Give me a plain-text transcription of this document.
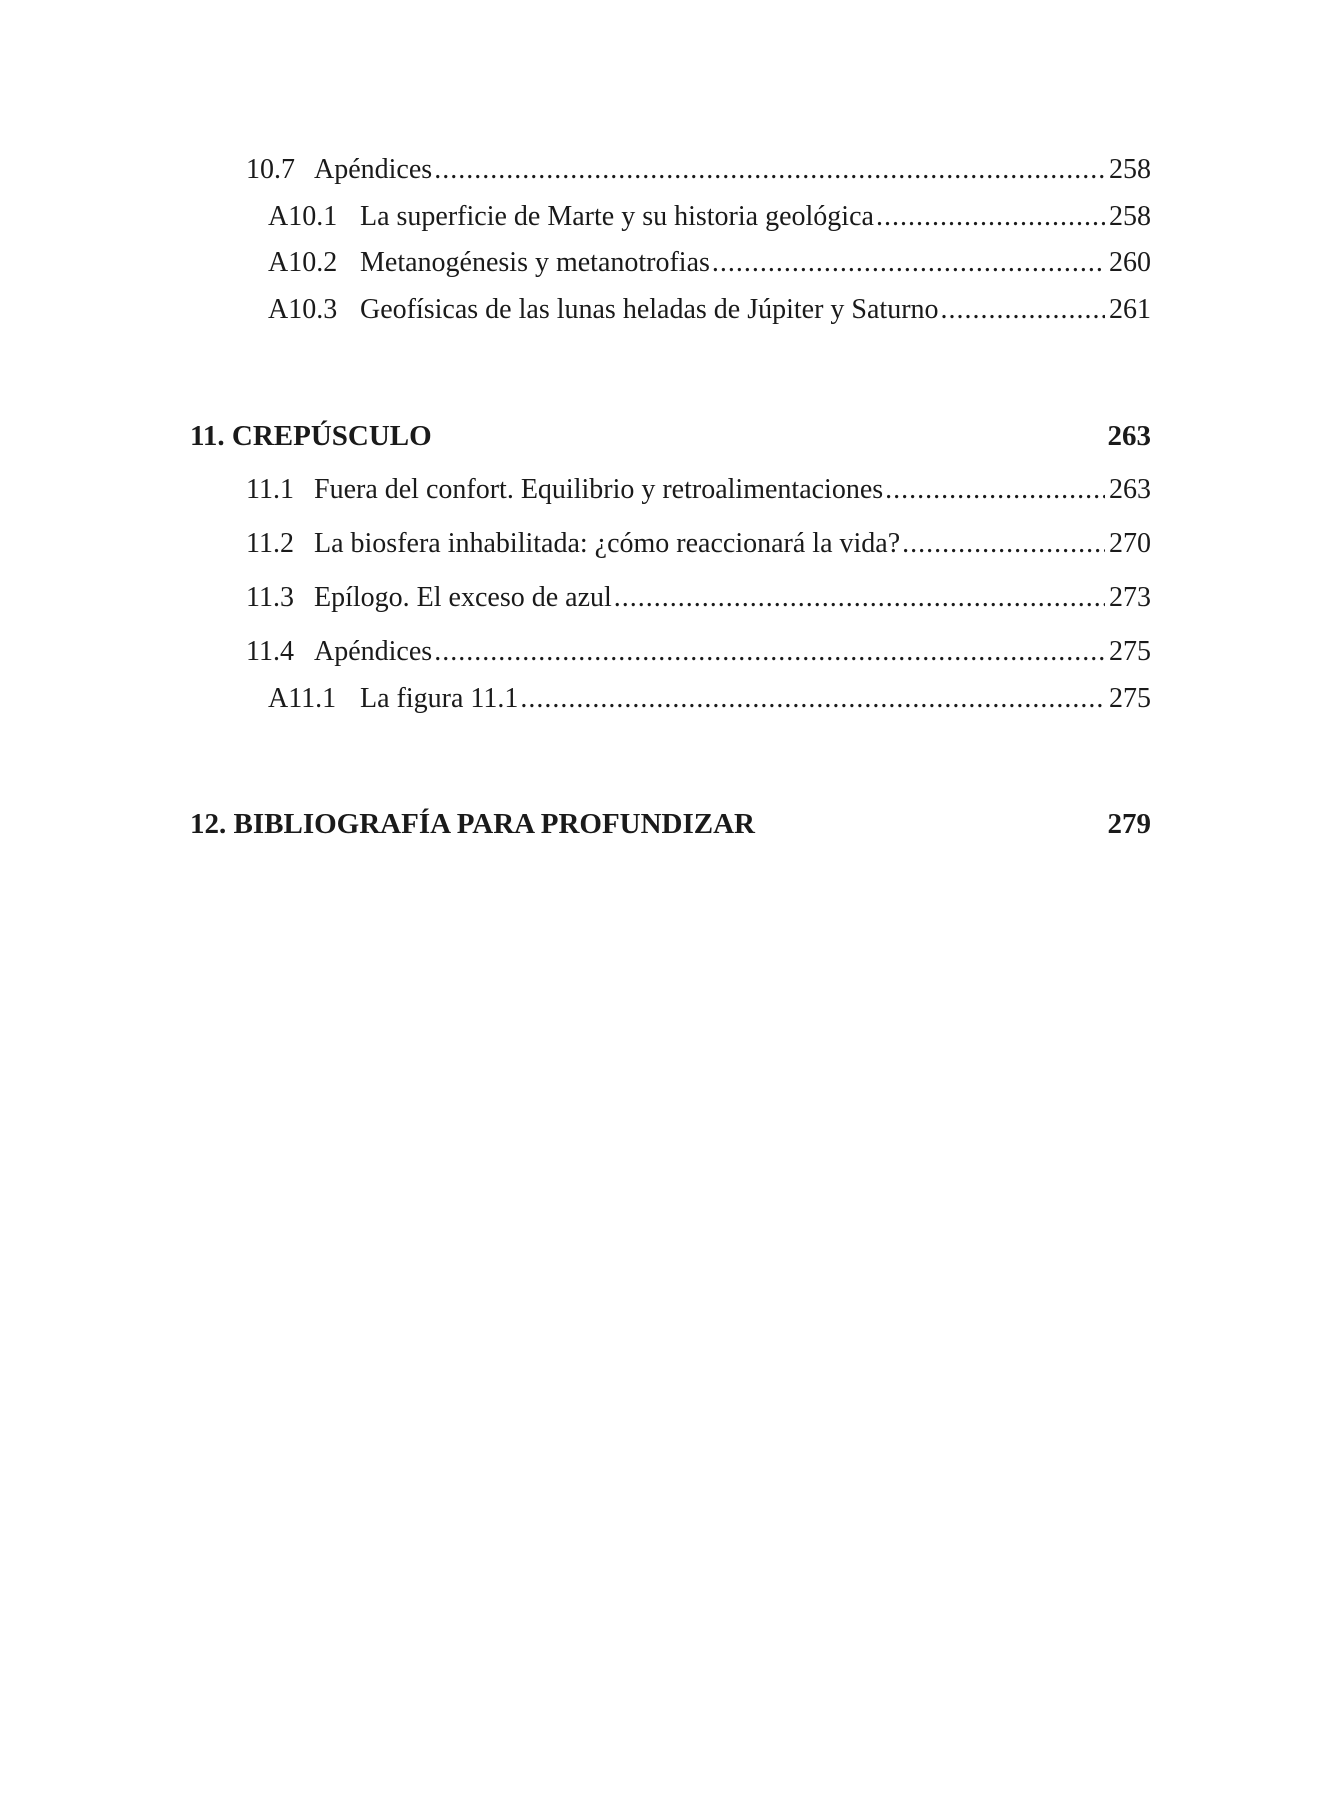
10.7 Apéndices .....	258
A10.1 La superficie de Marte y su historia geológica .....	258
A10.2 Metanogénesis y metanotrofias .....	260
A10.3 Geofísicas de las lunas heladas de Júpiter y Saturno .....	261
11. CREPÚSCULO	263
11.1 Fuera del confort. Equilibrio y retroalimentaciones .....	263
11.2 La biosfera inhabilitada: ¿cómo reaccionará la vida? .....	270
11.3 Epílogo. El exceso de azul .....	273
11.4 Apéndices .....	275
A11.1 La figura 11.1 .....	275
12. BIBLIOGRAFÍA PARA PROFUNDIZAR	279
